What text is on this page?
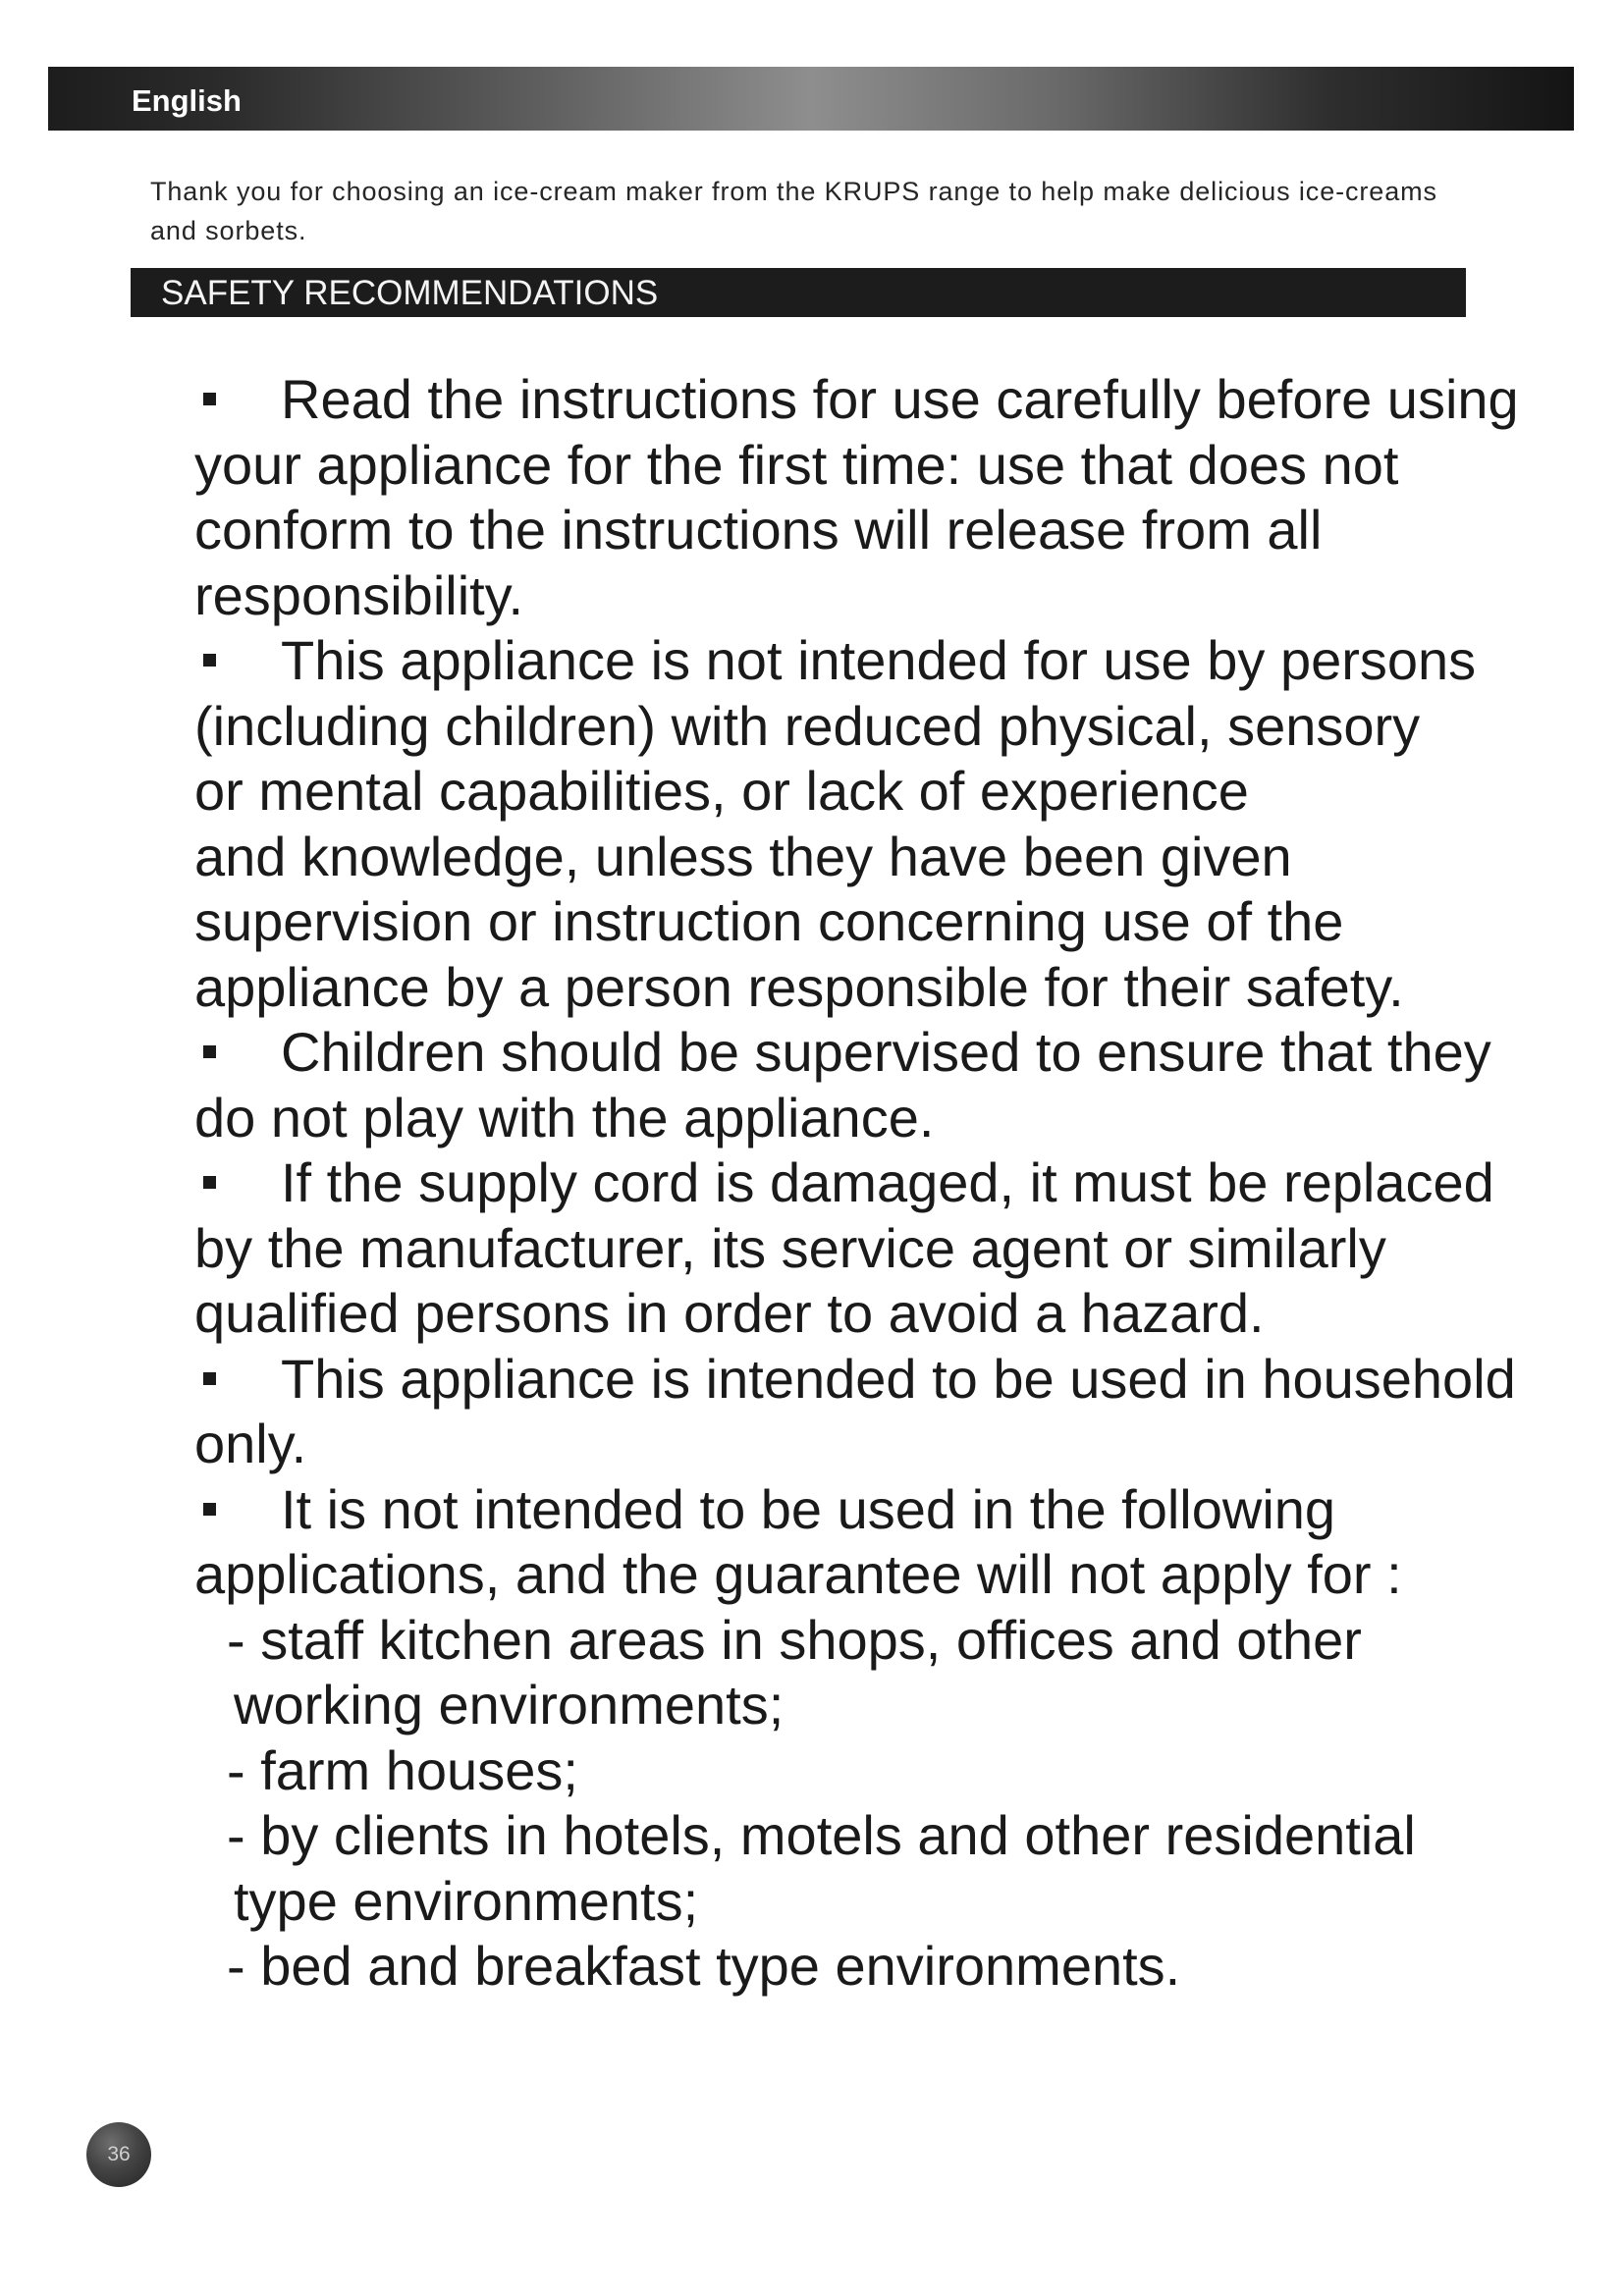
English
Thank you for choosing an ice-cream maker from the KRUPS range to help make delicious ice-creams
and sorbets.
SAFETY RECOMMENDATIONS
Read the instructions for use carefully before using
your appliance for the first time: use that does not
conform to the instructions will release from all
responsibility.
This appliance is not intended for use by persons
(including children) with reduced physical, sensory
or mental capabilities, or lack of experience
and knowledge, unless they have been given
supervision or instruction concerning use of the
appliance by a person responsible for their safety.
Children should be supervised to ensure that they
do not play with the appliance.
If the supply cord is damaged, it must be replaced
by the manufacturer, its service agent or similarly
qualified persons in order to avoid a hazard.
This appliance is intended to be used in household
only.
It is not intended to be used in the following
applications, and the guarantee will not apply for :
- staff kitchen areas in shops, offices and other
working environments;
- farm houses;
- by clients in hotels, motels and other residential
type environments;
- bed and breakfast type environments.
36
